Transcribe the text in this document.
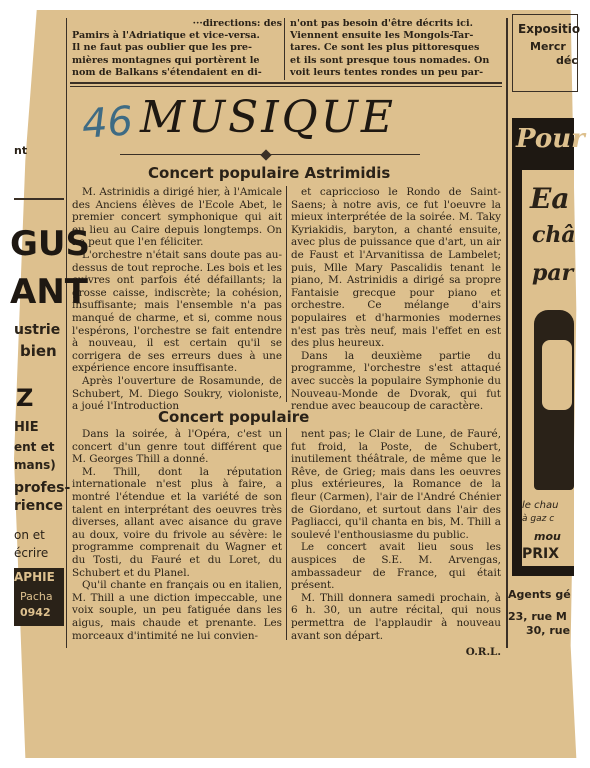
···directions: des
Pamirs à l'Adriatique et vice-versa.
Il ne faut pas oublier que les pre-
mières montagnes qui portèrent le
nom de Balkans s'étendaient en di-
n'ont pas besoin d'être décrits ici.
Viennent ensuite les Mongols-Tar-
tares. Ce sont les plus pittoresques
et ils sont presque tous nomades. On
voit leurs tentes rondes un peu par-
46 MUSIQUE
Concert populaire Astrimidis

M. Astrinidis a dirigé hier, à l'Amicale des Anciens élèves de l'Ecole Abet, le premier concert symphonique qui ait eu lieu au Caire depuis longtemps. On ne peut que l'en féliciter.

L'orchestre n'était sans doute pas au-dessus de tout reproche. Les bois et les cuivres ont parfois été défaillants; la grosse caisse, indiscrète; la cohésion, insuffisante; mais l'ensemble n'a pas manqué de charme, et si, comme nous l'espérons, l'orchestre se fait entendre à nouveau, il est certain qu'il se corrigera de ses erreurs dues à une expérience encore insuffisante.

Après l'ouverture de Rosamunde, de Schubert, M. Diego Soukry, violoniste, a joué l'Introduction

et capriccioso le Rondo de Saint-Saens; à notre avis, ce fut l'oeuvre la mieux interprétée de la soirée. M. Taky Kyriakidis, baryton, a chanté ensuite, avec plus de puissance que d'art, un air de Faust et l'Arvanitissa de Lambelet; puis, Mlle Mary Pascalidis tenant le piano, M. Astrinidis a dirigé sa propre Fantaisie grecque pour piano et orchestre. Ce mélange d'airs populaires et d'harmonies modernes n'est pas très neuf, mais l'effet en est des plus heureux.

Dans la deuxième partie du programme, l'orchestre s'est attaqué avec succès la populaire Symphonie du Nouveau-Monde de Dvorak, qui fut rendue avec beaucoup de caractère.

Concert populaire

Dans la soirée, à l'Opéra, c'est un concert d'un genre tout différent que M. Georges Thill a donné.

M. Thill, dont la réputation internationale n'est plus à faire, a montré l'étendue et la variété de son talent en interprétant des oeuvres très diverses, allant avec aisance du grave au doux, voire du frivole au sévère: le programme comprenait du Wagner et du Tosti, du Fauré et du Loret, du Schubert et du Planel.

Qu'il chante en français ou en italien, M. Thill a une diction impeccable, une voix souple, un peu fatiguée dans les aigus, mais chaude et prenante. Les morceaux d'intimité ne lui convien-

nent pas; le Clair de Lune, de Fauré, fut froid, la Poste, de Schubert, inutilement théâtrale, de même que le Rêve, de Grieg; mais dans les oeuvres plus extérieures, la Romance de la fleur (Carmen), l'air de l'André Chénier de Giordano, et surtout dans l'air des Pagliacci, qu'il chanta en bis, M. Thill a soulevé l'enthousiasme du public.

Le concert avait lieu sous les auspices de S.E. M. Arvengas, ambassadeur de France, qui était présent.

M. Thill donnera samedi prochain, à 6 h. 30, un autre récital, qui nous permettra de l'applaudir à nouveau avant son départ.

O.R.L.
nt
GUS
ANT
ustrie
bien
Z
HIE
ent et
mans)
profes-
rience
on et
écrire
APHIE
Pacha
0942
Expositio
Mercr
déc
Pour
Ea
châ
par
le chau
à gaz c
mou
PRIX
Agents gé
23, rue M
30, rue
